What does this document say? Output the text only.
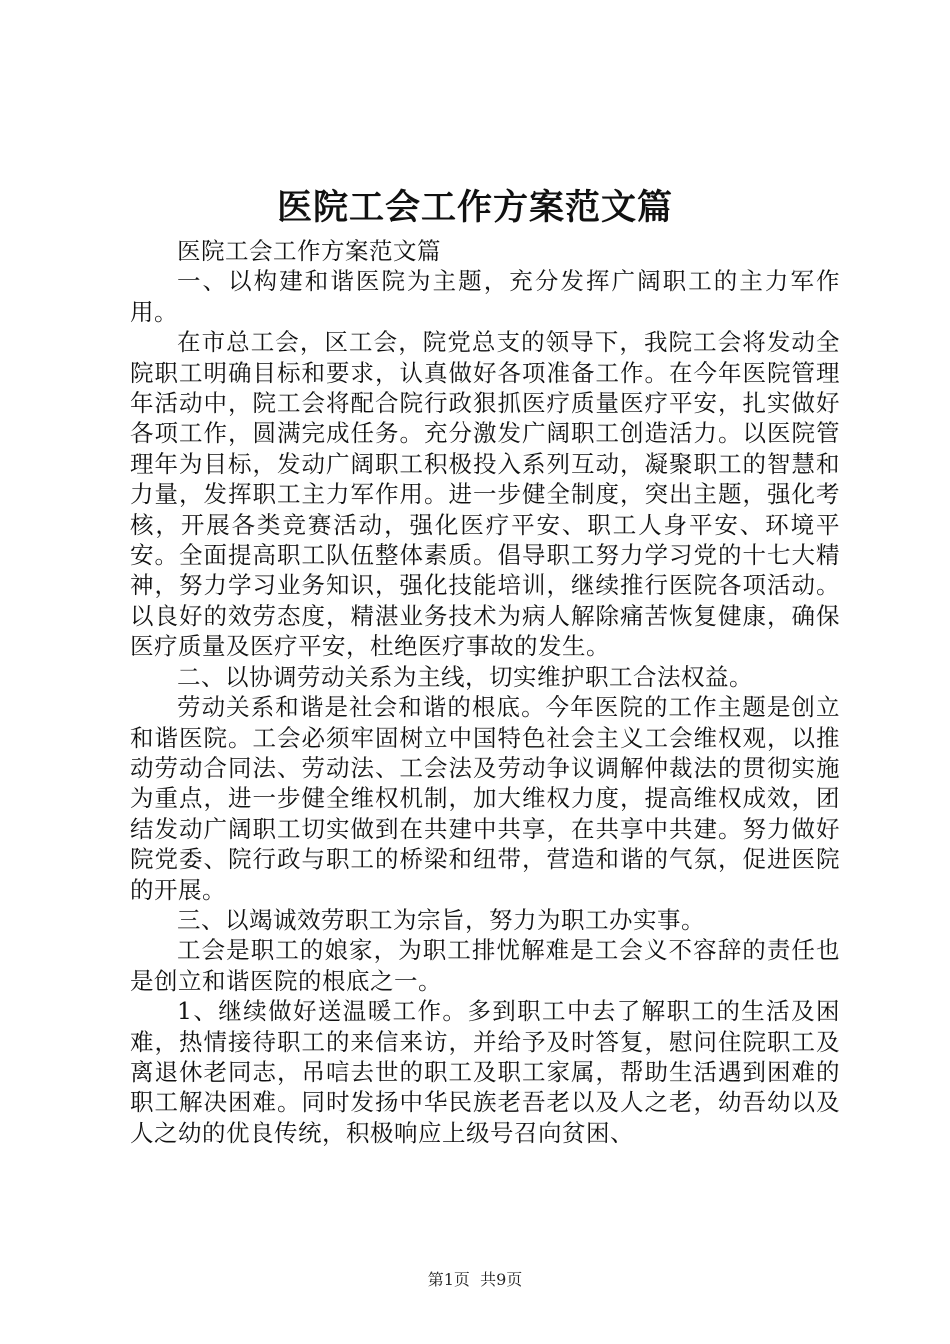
医院工会工作方案范文篇

医院工会工作方案范文篇

一、以构建和谐医院为主题，充分发挥广阔职工的主力军作用。

在市总工会，区工会，院党总支的领导下，我院工会将发动全院职工明确目标和要求，认真做好各项准备工作。在今年医院管理年活动中，院工会将配合院行政狠抓医疗质量医疗平安，扎实做好各项工作，圆满完成任务。充分激发广阔职工创造活力。以医院管理年为目标，发动广阔职工积极投入系列互动，凝聚职工的智慧和力量，发挥职工主力军作用。进一步健全制度，突出主题，强化考核，开展各类竞赛活动，强化医疗平安、职工人身平安、环境平安。全面提高职工队伍整体素质。倡导职工努力学习党的十七大精神，努力学习业务知识，强化技能培训，继续推行医院各项活动。以良好的效劳态度，精湛业务技术为病人解除痛苦恢复健康，确保医疗质量及医疗平安，杜绝医疗事故的发生。

二、以协调劳动关系为主线，切实维护职工合法权益。

劳动关系和谐是社会和谐的根底。今年医院的工作主题是创立和谐医院。工会必须牢固树立中国特色社会主义工会维权观，以推动劳动合同法、劳动法、工会法及劳动争议调解仲裁法的贯彻实施为重点，进一步健全维权机制，加大维权力度，提高维权成效，团结发动广阔职工切实做到在共建中共享，在共享中共建。努力做好院党委、院行政与职工的桥梁和纽带，营造和谐的气氛，促进医院的开展。

三、以竭诚效劳职工为宗旨，努力为职工办实事。

工会是职工的娘家，为职工排忧解难是工会义不容辞的责任也是创立和谐医院的根底之一。

1、继续做好送温暖工作。多到职工中去了解职工的生活及困难，热情接待职工的来信来访，并给予及时答复，慰问住院职工及离退休老同志，吊唁去世的职工及职工家属，帮助生活遇到困难的职工解决困难。同时发扬中华民族老吾老以及人之老，幼吾幼以及人之幼的优良传统，积极响应上级号召向贫困、

第1页 共9页
